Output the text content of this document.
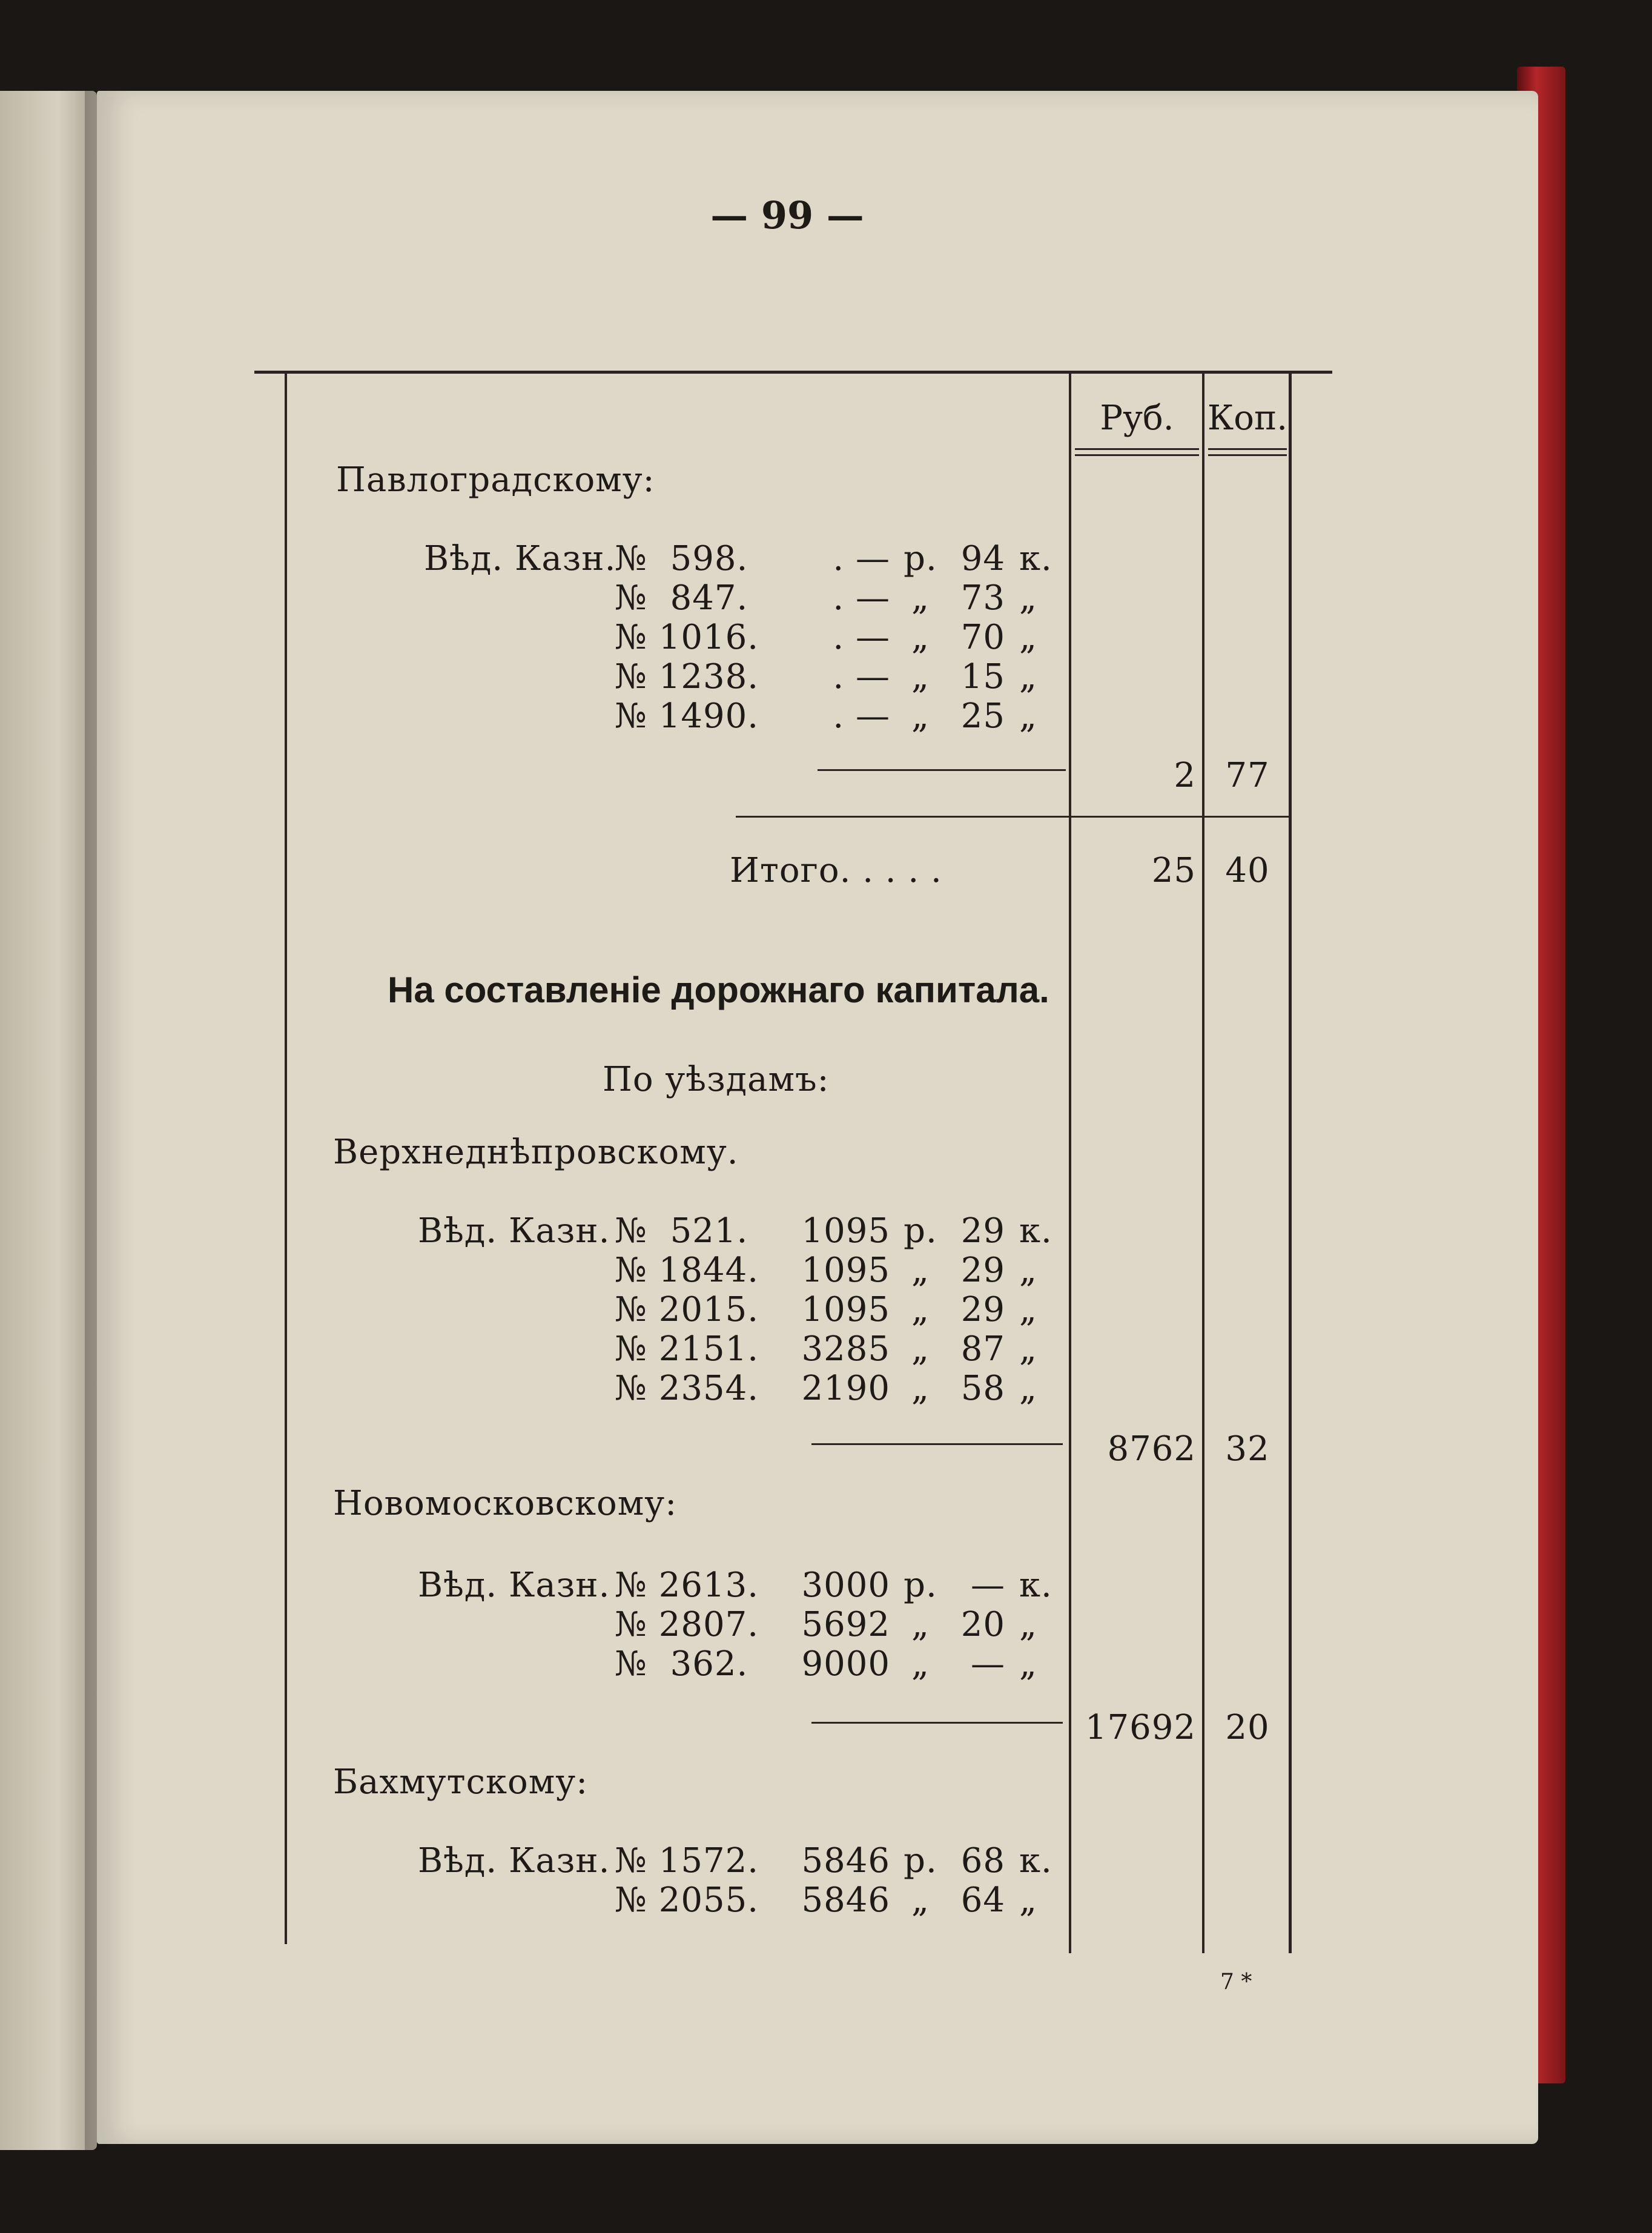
— 99 —
Руб. Коп.
Павлоградскому:
Вѣд. Казн.
№  598.	. — р. 94 к.
№  847.	. — „ 73 „
№ 1016.	. — „ 70 „
№ 1238.	. — „ 15 „
№ 1490.	. — „ 25 „
2 77
Итого. . . . .	25 40
На составленіе дорожнаго капитала.
По уѣздамъ:
Верхнеднѣпровскому.
Вѣд. Казн. №  521.	1095 р. 29 к.
№ 1844.	1095 „ 29 „
№ 2015.	1095 „ 29 „
№ 2151.	3285 „ 87 „
№ 2354.	2190 „ 58 „
8762 32
Новомосковскому:
Вѣд. Казн. № 2613.	3000 р. — к.
№ 2807.	5692 „ 20 „
№  362.	9000 „	— „
17692 20
Бахмутскому:
Вѣд. Казн. № 1572.	5846 р. 68 к.
№ 2055.	5846 „ 64 „
7 *
